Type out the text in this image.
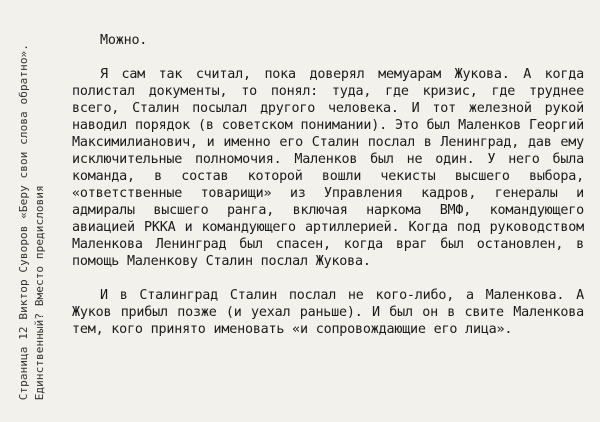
Страница 12 Виктор Суворов «Беру свои слова обратно». Единственный? Вместо предисловия

Можно.

Я сам так считал, пока доверял мемуарам Жукова. А когда полистал документы, то понял: туда, где кризис, где труднее всего, Сталин посылал другого человека. И тот железной рукой наводил порядок (в советском понимании). Это был Маленков Георгий Максимилианович, и именно его Сталин послал в Ленинград, дав ему исключительные полномочия. Маленков был не один. У него была команда, в состав которой вошли чекисты высшего выбора, «ответственные товарищи» из Управления кадров, генералы и адмиралы высшего ранга, включая наркома ВМФ, командующего авиацией РККА и командующего артиллерией. Когда под руководством Маленкова Ленинград был спасен, когда враг был остановлен, в помощь Маленкову Сталин послал Жукова.

И в Сталинград Сталин послал не кого-либо, а Маленкова. А Жуков прибыл позже (и уехал раньше). И был он в свите Маленкова тем, кого принято именовать «и сопровождающие его лица».
